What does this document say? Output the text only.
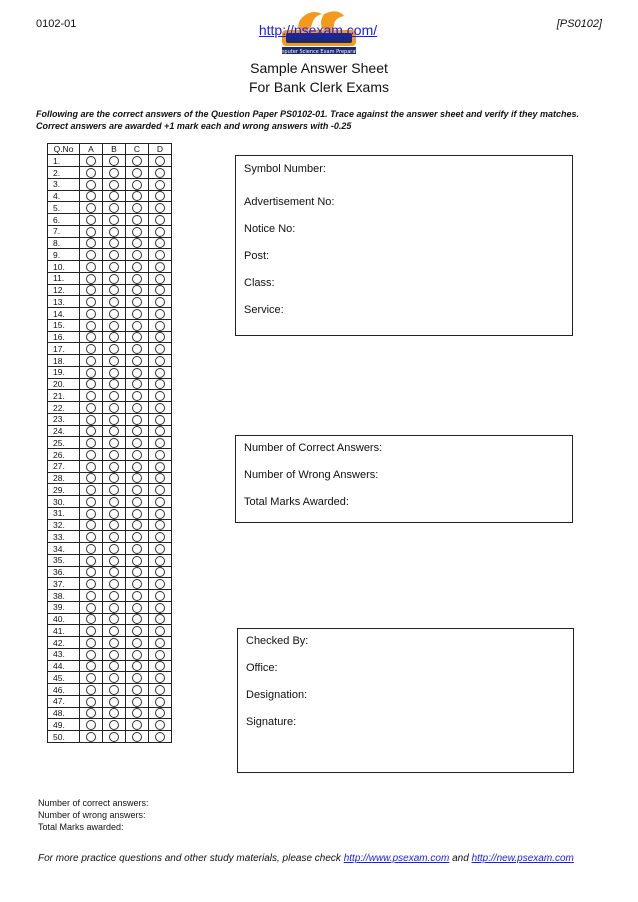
0102-01	[PS0102]
Computer Science Exam Preparation
http://psexam.com/
Sample Answer Sheet
For Bank Clerk Exams
Following are the correct answers of the Question Paper PS0102-01. Trace against the answer sheet and verify if they matches. Correct answers are awarded +1 mark each and wrong answers with -0.25
Q.No	A	B	C	D
1.				
2.				
3.				
4.				
5.				
6.				
7.				
8.				
9.				
10.				
11.				
12.				
13.				
14.				
15.				
16.				
17.				
18.				
19.				
20.				
21.				
22.				
23.				
24.				
25.				
26.				
27.				
28.				
29.				
30.				
31.				
32.				
33.				
34.				
35.				
36.				
37.				
38.				
39.				
40.				
41.				
42.				
43.				
44.				
45.				
46.				
47.				
48.				
49.				
50.				
Symbol Number:
Advertisement No:
Notice No:
Post:
Class:
Service:
Number of Correct Answers:
Number of Wrong Answers:
Total Marks Awarded:
Checked By:
Office:
Designation:
Signature:
Number of correct answers:
Number of wrong answers:
Total Marks awarded:
For more practice questions and other study materials, please check http://www.psexam.com and http://new.psexam.com
